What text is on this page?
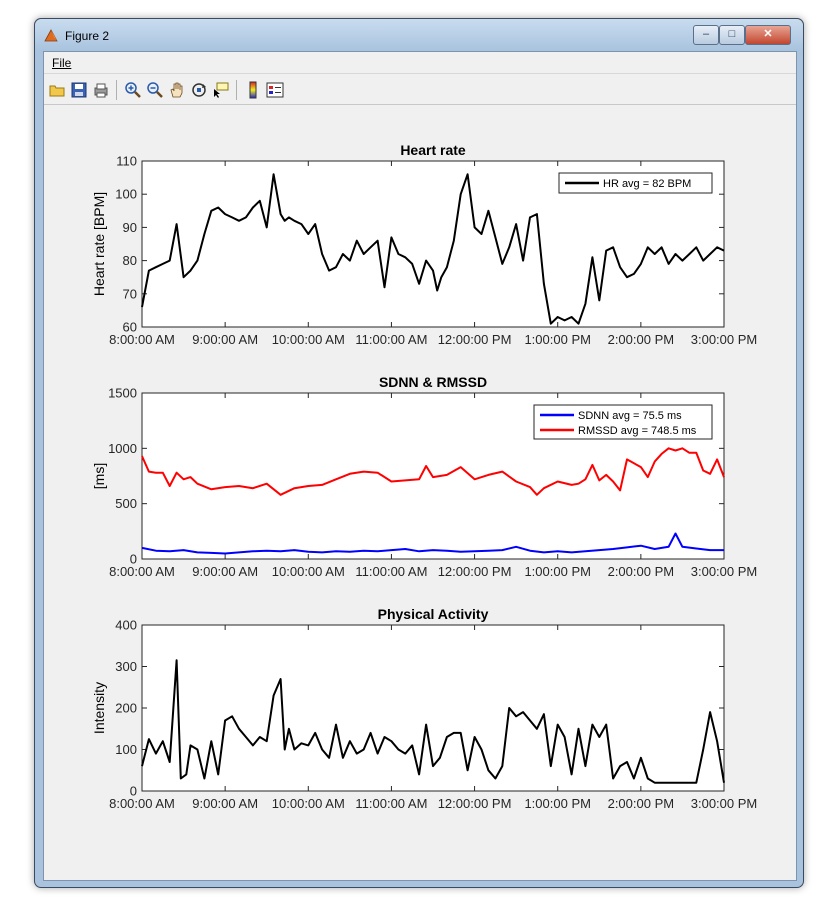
Figure 2	–	□	✕
File
Heart rate
60
70
80
90
100
110
8:00:00 AM 9:00:00 AM 10:00:00 AM 11:00:00 AM 12:00:00 PM 1:00:00 PM 2:00:00 PM 3:00:00 PM
Heart rate [BPM]
HR avg = 82 BPM
SDNN & RMSSD
0
500
1000
1500
8:00:00 AM 9:00:00 AM 10:00:00 AM 11:00:00 AM 12:00:00 PM 1:00:00 PM 2:00:00 PM 3:00:00 PM
[ms]
SDNN avg = 75.5 ms
RMSSD avg = 748.5 ms
Physical Activity
0
100
200
300
400
8:00:00 AM 9:00:00 AM 10:00:00 AM 11:00:00 AM 12:00:00 PM 1:00:00 PM 2:00:00 PM 3:00:00 PM
Intensity
